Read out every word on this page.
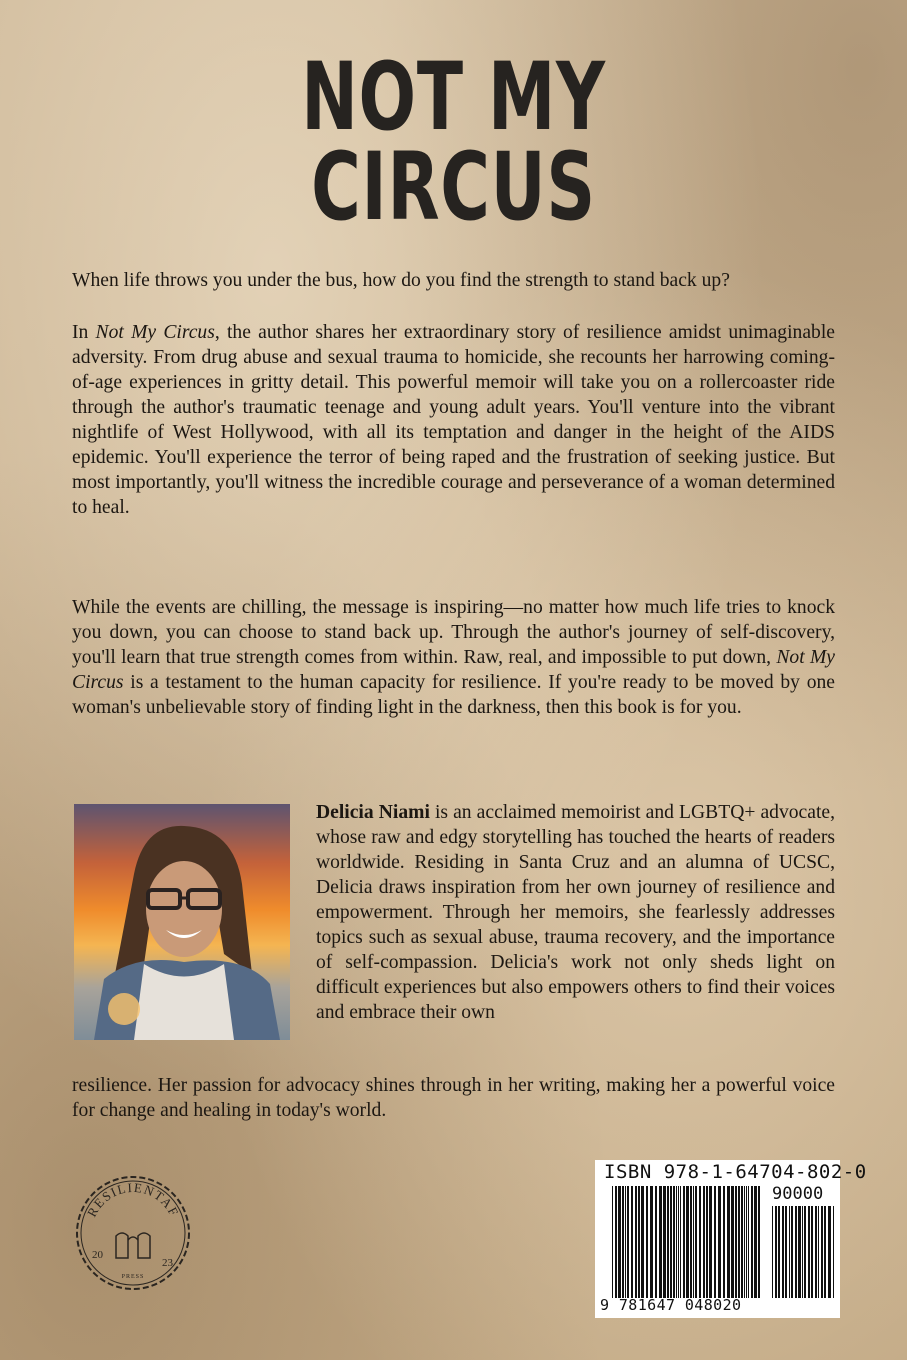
NOT MY
CIRCUS

When life throws you under the bus, how do you find the strength to stand back up?

In Not My Circus, the author shares her extraordinary story of resilience amidst unimaginable adversity. From drug abuse and sexual trauma to homicide, she recounts her harrowing coming-of-age experiences in gritty detail. This powerful memoir will take you on a rollercoaster ride through the author's traumatic teenage and young adult years. You'll venture into the vibrant nightlife of West Hollywood, with all its temptation and danger in the height of the AIDS epidemic. You'll experience the terror of being raped and the frustration of seeking justice. But most importantly, you'll witness the incredible courage and perseverance of a woman determined to heal.

While the events are chilling, the message is inspiring—no matter how much life tries to knock you down, you can choose to stand back up. Through the author's journey of self-discovery, you'll learn that true strength comes from within. Raw, real, and impossible to put down, Not My Circus is a testament to the human capacity for resilience. If you're ready to be moved by one woman's unbelievable story of finding light in the darkness, then this book is for you.

Delicia Niami is an acclaimed memoirist and LGBTQ+ advocate, whose raw and edgy storytelling has touched the hearts of readers worldwide. Residing in Santa Cruz and an alumna of UCSC, Delicia draws inspiration from her own journey of resilience and empowerment. Through her memoirs, she fearlessly addresses topics such as sexual abuse, trauma recovery, and the importance of self-compassion. Delicia's work not only sheds light on difficult experiences but also empowers others to find their voices and embrace their own

resilience. Her passion for advocacy shines through in her writing, making her a powerful voice for change and healing in today's world.

RESILIENTAF
20
23
PRESS

ISBN 978-1-64704-802-0

90000

9 781647 048020
